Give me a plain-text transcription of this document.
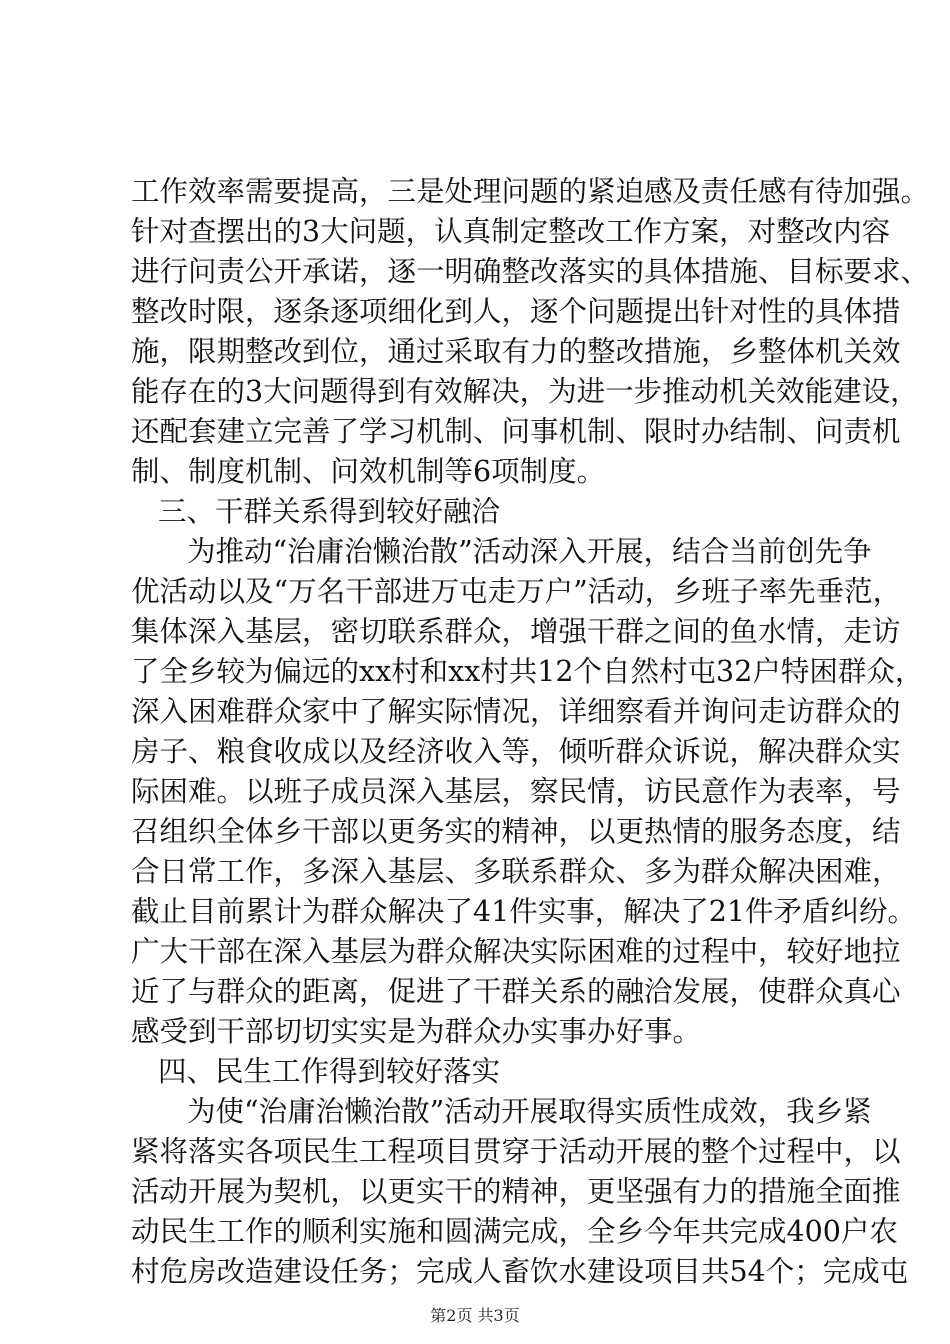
工作效率需要提高，三是处理问题的紧迫感及责任感有待加强。
针对查摆出的3大问题，认真制定整改工作方案，对整改内容
进行问责公开承诺，逐一明确整改落实的具体措施、目标要求、
整改时限，逐条逐项细化到人，逐个问题提出针对性的具体措
施，限期整改到位，通过采取有力的整改措施，乡整体机关效
能存在的3大问题得到有效解决，为进一步推动机关效能建设，
还配套建立完善了学习机制、问事机制、限时办结制、问责机
制、制度机制、问效机制等6项制度。
三、干群关系得到较好融洽
为推动“治庸治懒治散”活动深入开展，结合当前创先争
优活动以及“万名干部进万屯走万户”活动，乡班子率先垂范，
集体深入基层，密切联系群众，增强干群之间的鱼水情，走访
了全乡较为偏远的xx村和xx村共12个自然村屯32户特困群众，
深入困难群众家中了解实际情况，详细察看并询问走访群众的
房子、粮食收成以及经济收入等，倾听群众诉说，解决群众实
际困难。以班子成员深入基层，察民情，访民意作为表率，号
召组织全体乡干部以更务实的精神，以更热情的服务态度，结
合日常工作，多深入基层、多联系群众、多为群众解决困难，
截止目前累计为群众解决了41件实事，解决了21件矛盾纠纷。
广大干部在深入基层为群众解决实际困难的过程中，较好地拉
近了与群众的距离，促进了干群关系的融洽发展，使群众真心
感受到干部切切实实是为群众办实事办好事。
四、民生工作得到较好落实
为使“治庸治懒治散”活动开展取得实质性成效，我乡紧
紧将落实各项民生工程项目贯穿于活动开展的整个过程中，以
活动开展为契机，以更实干的精神，更坚强有力的措施全面推
动民生工作的顺利实施和圆满完成，全乡今年共完成400户农
村危房改造建设任务；完成人畜饮水建设项目共54个；完成屯
第2页 共3页
